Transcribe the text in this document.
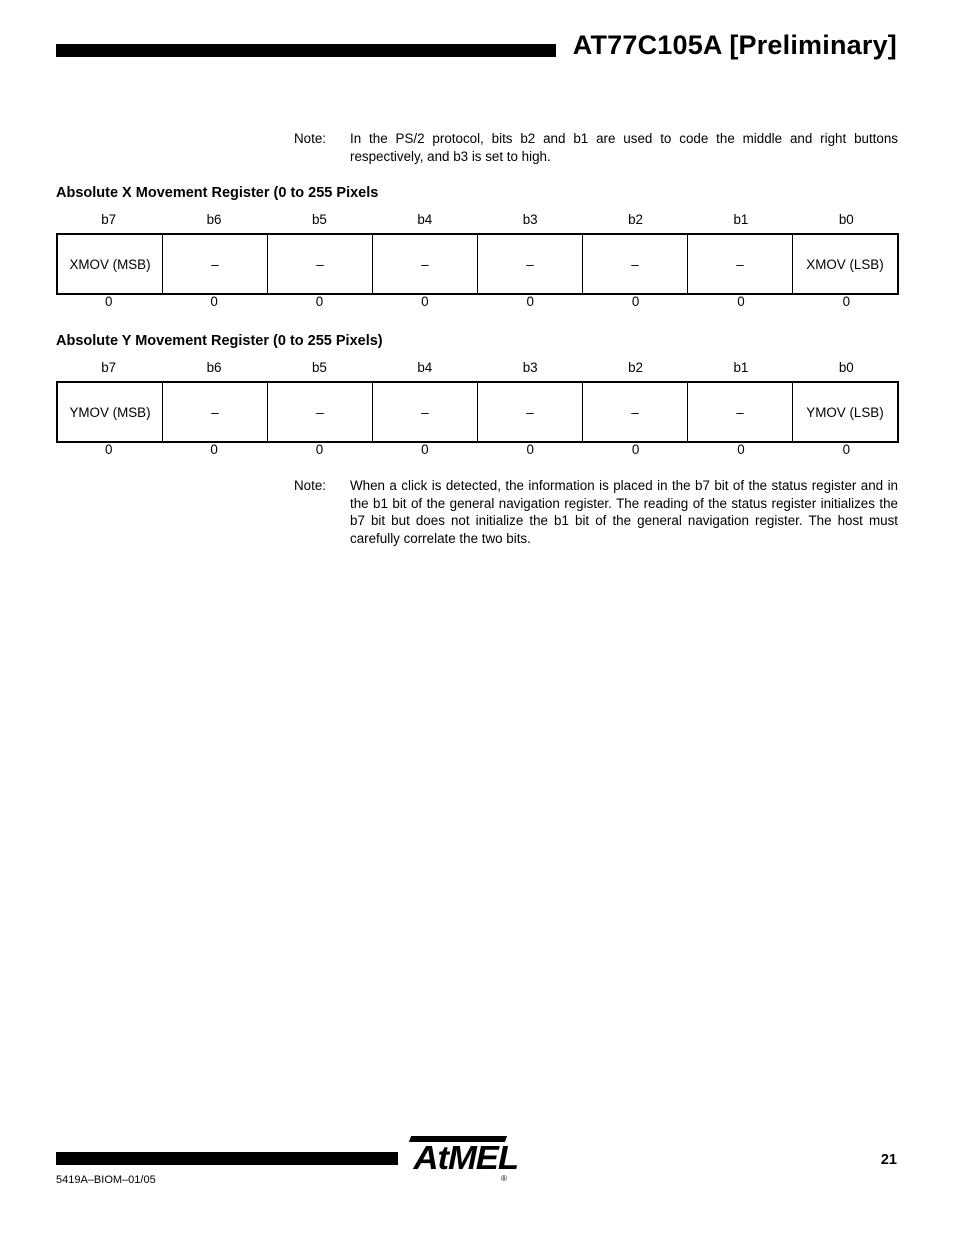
AT77C105A [Preliminary]
Note:	In the PS/2 protocol, bits b2 and b1 are used to code the middle and right buttons respectively, and b3 is set to high.
Absolute X Movement Register (0 to 255 Pixels
b7	b6	b5	b4	b3	b2	b1	b0
XMOV (MSB)	–	–	–	–	–	–	XMOV (LSB)
0	0	0	0	0	0	0	0
Absolute Y Movement Register (0 to 255 Pixels)
b7	b6	b5	b4	b3	b2	b1	b0
YMOV (MSB)	–	–	–	–	–	–	YMOV (LSB)
0	0	0	0	0	0	0	0
Note:	When a click is detected, the information is placed in the b7 bit of the status register and in the b1 bit of the general navigation register. The reading of the status register initializes the b7 bit but does not initialize the b1 bit of the general navigation register. The host must carefully correlate the two bits.
AtMEL
®
21
5419A–BIOM–01/05
